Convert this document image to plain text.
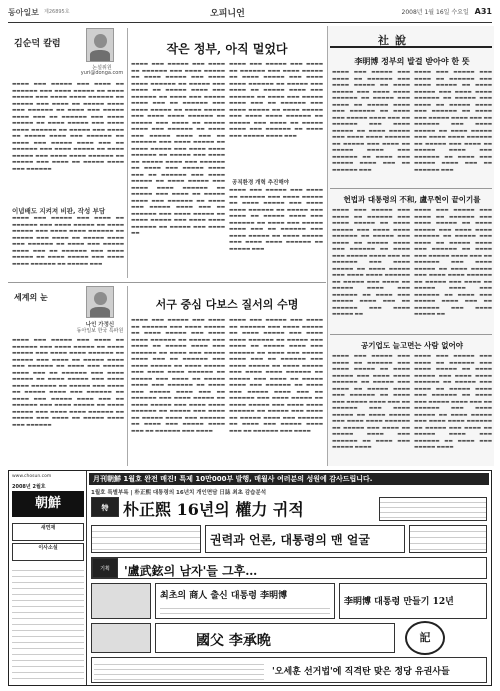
동아일보 제26895호	오피니언	2008년 1월 16일 수요일 A31
김순덕 칼럼
논설위원
yuri@donga.com
▬▬▬▬ ▬▬▬ ▬▬▬▬▬ ▬▬▬ ▬▬▬▬ ▬▬ ▬▬▬▬▬▬ ▬▬▬ ▬▬▬▬ ▬▬▬▬▬ ▬▬ ▬▬▬▬ ▬▬▬▬▬ ▬▬▬ ▬▬▬▬ ▬▬▬▬ ▬▬▬▬▬▬ ▬▬ ▬▬▬▬▬ ▬▬▬ ▬▬▬▬ ▬▬ ▬▬▬▬▬ ▬▬▬▬ ▬▬▬ ▬▬▬▬▬▬ ▬▬ ▬▬▬▬ ▬▬▬ ▬▬▬▬▬ ▬▬▬▬ ▬▬▬ ▬▬ ▬▬▬▬▬▬ ▬▬▬ ▬▬▬▬ ▬▬▬▬▬ ▬▬ ▬▬▬▬ ▬▬▬▬▬ ▬▬▬ ▬▬▬▬ ▬▬▬▬ ▬▬▬▬▬▬ ▬▬ ▬▬▬▬▬ ▬▬▬ ▬▬▬▬ ▬▬ ▬▬▬▬▬ ▬▬▬▬ ▬▬▬ ▬▬▬▬▬▬ ▬▬ ▬▬▬▬ ▬▬▬ ▬▬▬▬▬ ▬▬▬▬ ▬▬▬ ▬▬ ▬▬▬▬▬▬ ▬▬▬ ▬▬▬▬ ▬▬▬▬▬ ▬▬ ▬▬▬▬ ▬▬▬▬▬ ▬▬▬ ▬▬▬▬ ▬▬▬▬ ▬▬▬▬▬▬ ▬▬ ▬▬▬▬▬ ▬▬▬ ▬▬▬▬ ▬▬ ▬▬▬▬▬ ▬▬▬▬ ▬▬▬ ▬▬▬▬▬▬
이념배도 지켜져 비판, 작성 부담
▬▬▬▬ ▬▬▬ ▬▬▬▬▬ ▬▬▬ ▬▬▬▬ ▬▬ ▬▬▬▬▬▬ ▬▬▬ ▬▬▬▬ ▬▬▬▬▬ ▬▬ ▬▬▬▬ ▬▬▬▬▬ ▬▬▬ ▬▬▬▬ ▬▬▬▬ ▬▬▬▬▬▬ ▬▬ ▬▬▬▬▬ ▬▬▬ ▬▬▬▬ ▬▬ ▬▬▬▬▬ ▬▬▬▬ ▬▬▬ ▬▬▬▬▬▬ ▬▬ ▬▬▬▬ ▬▬▬ ▬▬▬▬▬ ▬▬▬▬ ▬▬▬ ▬▬ ▬▬▬▬▬▬ ▬▬▬ ▬▬▬▬ ▬▬▬▬▬ ▬▬ ▬▬▬▬ ▬▬▬▬▬ ▬▬▬ ▬▬▬▬ ▬▬▬▬ ▬▬▬▬▬▬ ▬▬ ▬▬▬▬▬ ▬▬▬
작은 정부, 아직 멀었다
▬▬▬▬ ▬▬▬ ▬▬▬▬▬ ▬▬▬ ▬▬▬▬ ▬▬ ▬▬▬▬▬▬ ▬▬▬ ▬▬▬▬ ▬▬▬▬▬ ▬▬ ▬▬▬▬ ▬▬▬▬▬ ▬▬▬ ▬▬▬▬ ▬▬▬▬ ▬▬▬▬▬▬ ▬▬ ▬▬▬▬▬ ▬▬▬ ▬▬▬▬ ▬▬ ▬▬▬▬▬ ▬▬▬▬ ▬▬▬ ▬▬▬▬▬▬ ▬▬ ▬▬▬▬ ▬▬▬ ▬▬▬▬▬ ▬▬▬▬ ▬▬▬ ▬▬ ▬▬▬▬▬▬ ▬▬▬ ▬▬▬▬ ▬▬▬▬▬ ▬▬ ▬▬▬▬ ▬▬▬▬▬ ▬▬▬ ▬▬▬▬ ▬▬▬▬ ▬▬▬▬▬▬ ▬▬ ▬▬▬▬▬ ▬▬▬ ▬▬▬▬ ▬▬ ▬▬▬▬▬ ▬▬▬▬ ▬▬▬ ▬▬▬▬▬▬ ▬▬ ▬▬▬▬ ▬▬▬ ▬▬▬▬▬ ▬▬▬▬ ▬▬▬ ▬▬ ▬▬▬▬▬▬ ▬▬▬ ▬▬▬▬ ▬▬▬▬▬ ▬▬ ▬▬▬▬ ▬▬▬▬▬ ▬▬▬ ▬▬▬▬ ▬▬▬▬ ▬▬▬▬▬▬ ▬▬ ▬▬▬▬▬ ▬▬▬ ▬▬▬▬ ▬▬ ▬▬▬▬▬ ▬▬▬▬ ▬▬▬ ▬▬▬▬▬▬ ▬▬ ▬▬▬▬ ▬▬▬ ▬▬▬▬▬ ▬▬▬▬ ▬▬▬ ▬▬ ▬▬▬▬▬▬ ▬▬▬ ▬▬▬▬ ▬▬▬▬▬ ▬▬ ▬▬▬▬ ▬▬▬▬▬ ▬▬▬ ▬▬▬▬ ▬▬▬▬ ▬▬▬▬▬▬ ▬▬ ▬▬▬▬▬ ▬▬▬ ▬▬▬▬ ▬▬ ▬▬▬▬▬ ▬▬▬▬ ▬▬▬ ▬▬▬▬▬▬ ▬▬ ▬▬▬▬ ▬▬▬ ▬▬▬▬▬ ▬▬▬▬ ▬▬▬ ▬▬ ▬▬▬▬▬▬ ▬▬▬ ▬▬▬▬ ▬▬▬▬▬ ▬▬ ▬▬▬▬ ▬▬▬▬▬ ▬▬▬ ▬▬▬▬ ▬▬▬▬ ▬▬▬▬▬▬ ▬▬ ▬▬▬▬▬ ▬▬▬ ▬▬▬▬ ▬▬
▬▬▬▬ ▬▬▬ ▬▬▬▬▬ ▬▬▬ ▬▬▬▬ ▬▬ ▬▬▬▬▬▬ ▬▬▬ ▬▬▬▬ ▬▬▬▬▬ ▬▬ ▬▬▬▬ ▬▬▬▬▬ ▬▬▬ ▬▬▬▬ ▬▬▬▬ ▬▬▬▬▬▬ ▬▬ ▬▬▬▬▬ ▬▬▬ ▬▬▬▬ ▬▬ ▬▬▬▬▬ ▬▬▬▬ ▬▬▬ ▬▬▬▬▬▬ ▬▬ ▬▬▬▬ ▬▬▬ ▬▬▬▬▬ ▬▬▬▬ ▬▬▬ ▬▬ ▬▬▬▬▬▬ ▬▬▬ ▬▬▬▬ ▬▬▬▬▬ ▬▬ ▬▬▬▬ ▬▬▬▬▬ ▬▬▬ ▬▬▬▬ ▬▬▬▬ ▬▬▬▬▬▬ ▬▬ ▬▬▬▬▬ ▬▬▬ ▬▬▬▬ ▬▬ ▬▬▬▬▬ ▬▬▬▬ ▬▬▬ ▬▬▬▬▬▬ ▬▬ ▬▬▬▬ ▬▬▬ ▬▬▬▬▬ ▬▬▬▬ ▬▬▬
공직환경 개혁 추진해야
▬▬▬▬ ▬▬▬ ▬▬▬▬▬ ▬▬▬ ▬▬▬▬ ▬▬ ▬▬▬▬▬▬ ▬▬▬ ▬▬▬▬ ▬▬▬▬▬ ▬▬ ▬▬▬▬ ▬▬▬▬▬ ▬▬▬ ▬▬▬▬ ▬▬▬▬ ▬▬▬▬▬▬ ▬▬ ▬▬▬▬▬ ▬▬▬ ▬▬▬▬ ▬▬ ▬▬▬▬▬ ▬▬▬▬ ▬▬▬ ▬▬▬▬▬▬ ▬▬ ▬▬▬▬ ▬▬▬ ▬▬▬▬▬ ▬▬▬▬ ▬▬▬ ▬▬ ▬▬▬▬▬▬ ▬▬▬ ▬▬▬▬ ▬▬▬▬▬ ▬▬ ▬▬▬▬ ▬▬▬▬▬ ▬▬▬ ▬▬▬▬ ▬▬▬▬ ▬▬▬▬▬▬ ▬▬ ▬▬▬▬▬ ▬▬▬
세계의 눈
나인 가정신
동아일보 한국 특파원
▬▬▬▬ ▬▬▬ ▬▬▬▬▬ ▬▬▬ ▬▬▬▬ ▬▬ ▬▬▬▬▬▬ ▬▬▬ ▬▬▬▬ ▬▬▬▬▬ ▬▬ ▬▬▬▬ ▬▬▬▬▬ ▬▬▬ ▬▬▬▬ ▬▬▬▬ ▬▬▬▬▬▬ ▬▬ ▬▬▬▬▬ ▬▬▬ ▬▬▬▬ ▬▬ ▬▬▬▬▬ ▬▬▬▬ ▬▬▬ ▬▬▬▬▬▬ ▬▬ ▬▬▬▬ ▬▬▬ ▬▬▬▬▬ ▬▬▬▬ ▬▬▬ ▬▬ ▬▬▬▬▬▬ ▬▬▬ ▬▬▬▬ ▬▬▬▬▬ ▬▬ ▬▬▬▬ ▬▬▬▬▬ ▬▬▬ ▬▬▬▬ ▬▬▬▬ ▬▬▬▬▬▬ ▬▬ ▬▬▬▬▬ ▬▬▬ ▬▬▬▬ ▬▬ ▬▬▬▬▬ ▬▬▬▬ ▬▬▬ ▬▬▬▬▬▬ ▬▬ ▬▬▬▬ ▬▬▬ ▬▬▬▬▬ ▬▬▬▬ ▬▬▬ ▬▬ ▬▬▬▬▬▬ ▬▬▬ ▬▬▬▬ ▬▬▬▬▬ ▬▬ ▬▬▬▬ ▬▬▬▬▬ ▬▬▬ ▬▬▬▬ ▬▬▬▬ ▬▬▬▬▬▬ ▬▬ ▬▬▬▬▬ ▬▬▬ ▬▬▬▬ ▬▬ ▬▬▬▬▬ ▬▬▬▬ ▬▬▬ ▬▬▬▬▬▬
서구 중심 다보스 질서의 수명
▬▬▬▬ ▬▬▬ ▬▬▬▬▬ ▬▬▬ ▬▬▬▬ ▬▬ ▬▬▬▬▬▬ ▬▬▬ ▬▬▬▬ ▬▬▬▬▬ ▬▬ ▬▬▬▬ ▬▬▬▬▬ ▬▬▬ ▬▬▬▬ ▬▬▬▬ ▬▬▬▬▬▬ ▬▬ ▬▬▬▬▬ ▬▬▬ ▬▬▬▬ ▬▬ ▬▬▬▬▬ ▬▬▬▬ ▬▬▬ ▬▬▬▬▬▬ ▬▬ ▬▬▬▬ ▬▬▬ ▬▬▬▬▬ ▬▬▬▬ ▬▬▬ ▬▬ ▬▬▬▬▬▬ ▬▬▬ ▬▬▬▬ ▬▬▬▬▬ ▬▬ ▬▬▬▬ ▬▬▬▬▬ ▬▬▬ ▬▬▬▬ ▬▬▬▬ ▬▬▬▬▬▬ ▬▬ ▬▬▬▬▬ ▬▬▬ ▬▬▬▬ ▬▬ ▬▬▬▬▬ ▬▬▬▬ ▬▬▬ ▬▬▬▬▬▬ ▬▬ ▬▬▬▬ ▬▬▬ ▬▬▬▬▬ ▬▬▬▬ ▬▬▬ ▬▬ ▬▬▬▬▬▬ ▬▬▬ ▬▬▬▬ ▬▬▬▬▬ ▬▬ ▬▬▬▬ ▬▬▬▬▬ ▬▬▬ ▬▬▬▬ ▬▬▬▬ ▬▬▬▬▬▬ ▬▬ ▬▬▬▬▬ ▬▬▬ ▬▬▬▬ ▬▬ ▬▬▬▬▬ ▬▬▬▬ ▬▬▬ ▬▬▬▬▬▬ ▬▬ ▬▬▬▬ ▬▬▬ ▬▬▬▬▬ ▬▬▬▬ ▬▬▬ ▬▬ ▬▬▬▬▬▬ ▬▬▬ ▬▬▬▬
▬▬▬▬ ▬▬▬ ▬▬▬▬▬ ▬▬▬ ▬▬▬▬ ▬▬ ▬▬▬▬▬▬ ▬▬▬ ▬▬▬▬ ▬▬▬▬▬ ▬▬ ▬▬▬▬ ▬▬▬▬▬ ▬▬▬ ▬▬▬▬ ▬▬▬▬ ▬▬▬▬▬▬ ▬▬ ▬▬▬▬▬ ▬▬▬ ▬▬▬▬ ▬▬ ▬▬▬▬▬ ▬▬▬▬ ▬▬▬ ▬▬▬▬▬▬ ▬▬ ▬▬▬▬ ▬▬▬ ▬▬▬▬▬ ▬▬▬▬ ▬▬▬ ▬▬ ▬▬▬▬▬▬ ▬▬▬ ▬▬▬▬ ▬▬▬▬▬ ▬▬ ▬▬▬▬ ▬▬▬▬▬ ▬▬▬ ▬▬▬▬ ▬▬▬▬ ▬▬▬▬▬▬ ▬▬ ▬▬▬▬▬ ▬▬▬ ▬▬▬▬ ▬▬ ▬▬▬▬▬ ▬▬▬▬ ▬▬▬ ▬▬▬▬▬▬ ▬▬ ▬▬▬▬ ▬▬▬ ▬▬▬▬▬ ▬▬▬▬ ▬▬▬ ▬▬ ▬▬▬▬▬▬ ▬▬▬ ▬▬▬▬ ▬▬▬▬▬ ▬▬ ▬▬▬▬ ▬▬▬▬▬ ▬▬▬ ▬▬▬▬ ▬▬▬▬ ▬▬▬▬▬▬ ▬▬ ▬▬▬▬▬ ▬▬▬ ▬▬▬▬ ▬▬ ▬▬▬▬▬ ▬▬▬▬ ▬▬▬ ▬▬▬▬▬▬ ▬▬ ▬▬▬▬ ▬▬▬ ▬▬▬▬▬ ▬▬▬▬ ▬▬▬ ▬▬ ▬▬▬▬▬▬ ▬▬▬ ▬▬▬▬
社說
李明博 정부의 발걸 받아야 한 뜻
▬▬▬▬ ▬▬▬ ▬▬▬▬▬ ▬▬▬ ▬▬▬▬ ▬▬ ▬▬▬▬▬▬ ▬▬▬ ▬▬▬▬ ▬▬▬▬▬ ▬▬ ▬▬▬▬ ▬▬▬▬▬ ▬▬▬ ▬▬▬▬ ▬▬▬▬ ▬▬▬▬▬▬ ▬▬ ▬▬▬▬▬ ▬▬▬ ▬▬▬▬ ▬▬ ▬▬▬▬▬ ▬▬▬▬ ▬▬▬ ▬▬▬▬▬▬ ▬▬ ▬▬▬▬ ▬▬▬ ▬▬▬▬▬ ▬▬▬▬ ▬▬▬ ▬▬ ▬▬▬▬▬▬ ▬▬▬ ▬▬▬▬ ▬▬▬▬▬ ▬▬ ▬▬▬▬ ▬▬▬▬▬ ▬▬▬ ▬▬▬▬ ▬▬▬▬ ▬▬▬▬▬▬ ▬▬ ▬▬▬▬▬ ▬▬▬ ▬▬▬▬ ▬▬ ▬▬▬▬▬ ▬▬▬▬ ▬▬▬ ▬▬▬▬▬▬ ▬▬ ▬▬▬▬ ▬▬▬ ▬▬▬▬▬ ▬▬▬▬ ▬▬▬ ▬▬ ▬▬▬▬▬▬ ▬▬▬
▬▬▬▬ ▬▬▬ ▬▬▬▬▬ ▬▬▬ ▬▬▬▬ ▬▬ ▬▬▬▬▬▬ ▬▬▬ ▬▬▬▬ ▬▬▬▬▬ ▬▬ ▬▬▬▬ ▬▬▬▬▬ ▬▬▬ ▬▬▬▬ ▬▬▬▬ ▬▬▬▬▬▬ ▬▬ ▬▬▬▬▬ ▬▬▬ ▬▬▬▬ ▬▬ ▬▬▬▬▬ ▬▬▬▬ ▬▬▬ ▬▬▬▬▬▬ ▬▬ ▬▬▬▬ ▬▬▬ ▬▬▬▬▬ ▬▬▬▬ ▬▬▬ ▬▬ ▬▬▬▬▬▬ ▬▬▬ ▬▬▬▬ ▬▬▬▬▬ ▬▬ ▬▬▬▬ ▬▬▬▬▬ ▬▬▬ ▬▬▬▬ ▬▬▬▬ ▬▬▬▬▬▬ ▬▬ ▬▬▬▬▬ ▬▬▬ ▬▬▬▬ ▬▬ ▬▬▬▬▬ ▬▬▬▬ ▬▬▬ ▬▬▬▬▬▬ ▬▬ ▬▬▬▬ ▬▬▬ ▬▬▬▬▬ ▬▬▬▬ ▬▬▬ ▬▬ ▬▬▬▬▬▬ ▬▬▬
헌법과 대통령의 不和, 盧무현이 끝이기를
▬▬▬▬ ▬▬▬ ▬▬▬▬▬ ▬▬▬ ▬▬▬▬ ▬▬ ▬▬▬▬▬▬ ▬▬▬ ▬▬▬▬ ▬▬▬▬▬ ▬▬ ▬▬▬▬ ▬▬▬▬▬ ▬▬▬ ▬▬▬▬ ▬▬▬▬ ▬▬▬▬▬▬ ▬▬ ▬▬▬▬▬ ▬▬▬ ▬▬▬▬ ▬▬ ▬▬▬▬▬ ▬▬▬▬ ▬▬▬ ▬▬▬▬▬▬ ▬▬ ▬▬▬▬ ▬▬▬ ▬▬▬▬▬ ▬▬▬▬ ▬▬▬ ▬▬ ▬▬▬▬▬▬ ▬▬▬ ▬▬▬▬ ▬▬▬▬▬ ▬▬ ▬▬▬▬ ▬▬▬▬▬ ▬▬▬ ▬▬▬▬ ▬▬▬▬ ▬▬▬▬▬▬ ▬▬ ▬▬▬▬▬ ▬▬▬ ▬▬▬▬ ▬▬ ▬▬▬▬▬ ▬▬▬▬ ▬▬▬ ▬▬▬▬▬▬ ▬▬ ▬▬▬▬ ▬▬▬ ▬▬▬▬▬ ▬▬▬▬ ▬▬▬ ▬▬ ▬▬▬▬▬▬ ▬▬▬ ▬▬▬▬ ▬▬▬▬▬ ▬▬
▬▬▬▬ ▬▬▬ ▬▬▬▬▬ ▬▬▬ ▬▬▬▬ ▬▬ ▬▬▬▬▬▬ ▬▬▬ ▬▬▬▬ ▬▬▬▬▬ ▬▬ ▬▬▬▬ ▬▬▬▬▬ ▬▬▬ ▬▬▬▬ ▬▬▬▬ ▬▬▬▬▬▬ ▬▬ ▬▬▬▬▬ ▬▬▬ ▬▬▬▬ ▬▬ ▬▬▬▬▬ ▬▬▬▬ ▬▬▬ ▬▬▬▬▬▬ ▬▬ ▬▬▬▬ ▬▬▬ ▬▬▬▬▬ ▬▬▬▬ ▬▬▬ ▬▬ ▬▬▬▬▬▬ ▬▬▬ ▬▬▬▬ ▬▬▬▬▬ ▬▬ ▬▬▬▬ ▬▬▬▬▬ ▬▬▬ ▬▬▬▬ ▬▬▬▬ ▬▬▬▬▬▬ ▬▬ ▬▬▬▬▬ ▬▬▬ ▬▬▬▬ ▬▬ ▬▬▬▬▬ ▬▬▬▬ ▬▬▬ ▬▬▬▬▬▬ ▬▬ ▬▬▬▬ ▬▬▬ ▬▬▬▬▬ ▬▬▬▬ ▬▬▬ ▬▬ ▬▬▬▬▬▬ ▬▬▬ ▬▬▬▬ ▬▬▬▬▬ ▬▬
공기업도 늘고면는 사람 없어야
▬▬▬▬ ▬▬▬ ▬▬▬▬▬ ▬▬▬ ▬▬▬▬ ▬▬ ▬▬▬▬▬▬ ▬▬▬ ▬▬▬▬ ▬▬▬▬▬ ▬▬ ▬▬▬▬ ▬▬▬▬▬ ▬▬▬ ▬▬▬▬ ▬▬▬▬ ▬▬▬▬▬▬ ▬▬ ▬▬▬▬▬ ▬▬▬ ▬▬▬▬ ▬▬ ▬▬▬▬▬ ▬▬▬▬ ▬▬▬ ▬▬▬▬▬▬ ▬▬ ▬▬▬▬ ▬▬▬ ▬▬▬▬▬ ▬▬▬▬ ▬▬▬ ▬▬ ▬▬▬▬▬▬ ▬▬▬ ▬▬▬▬ ▬▬▬▬▬ ▬▬ ▬▬▬▬ ▬▬▬▬▬ ▬▬▬ ▬▬▬▬ ▬▬▬▬ ▬▬▬▬▬▬ ▬▬ ▬▬▬▬▬ ▬▬▬ ▬▬▬▬ ▬▬ ▬▬▬▬▬ ▬▬▬▬ ▬▬▬ ▬▬▬▬▬▬ ▬▬ ▬▬▬▬ ▬▬▬ ▬▬▬▬▬ ▬▬▬▬
▬▬▬▬ ▬▬▬ ▬▬▬▬▬ ▬▬▬ ▬▬▬▬ ▬▬ ▬▬▬▬▬▬ ▬▬▬ ▬▬▬▬ ▬▬▬▬▬ ▬▬ ▬▬▬▬ ▬▬▬▬▬ ▬▬▬ ▬▬▬▬ ▬▬▬▬ ▬▬▬▬▬▬ ▬▬ ▬▬▬▬▬ ▬▬▬ ▬▬▬▬ ▬▬ ▬▬▬▬▬ ▬▬▬▬ ▬▬▬ ▬▬▬▬▬▬ ▬▬ ▬▬▬▬ ▬▬▬ ▬▬▬▬▬ ▬▬▬▬ ▬▬▬ ▬▬ ▬▬▬▬▬▬ ▬▬▬ ▬▬▬▬ ▬▬▬▬▬ ▬▬ ▬▬▬▬ ▬▬▬▬▬ ▬▬▬ ▬▬▬▬ ▬▬▬▬ ▬▬▬▬▬▬ ▬▬ ▬▬▬▬▬ ▬▬▬ ▬▬▬▬ ▬▬ ▬▬▬▬▬ ▬▬▬▬ ▬▬▬ ▬▬▬▬▬▬ ▬▬ ▬▬▬▬ ▬▬▬ ▬▬▬▬▬ ▬▬▬▬
www.chosun.com
2008년 2월호
朝鮮
새연재
이사소설
月刊朝鮮 1월호 완전 매진! 특제 10만000부 발행, 매월사 여러분의 성원에 감사드립니다.
1월호 특별부록 | 朴正熙 대통령의 16년치 개인면담 日誌 최초 감습분석
特 朴正熙 16년의 權力 귀적
권력과 언론, 대통령의 맨 얼굴
기획	'盧武鉉의 남자'들 그후…
최초의 商人 출신 대통령 李明博
李明博 대통령 만들기 12년
國父 李承晩	記
'오세훈 선거법'에 직격탄 맞은 정당 유권사들
